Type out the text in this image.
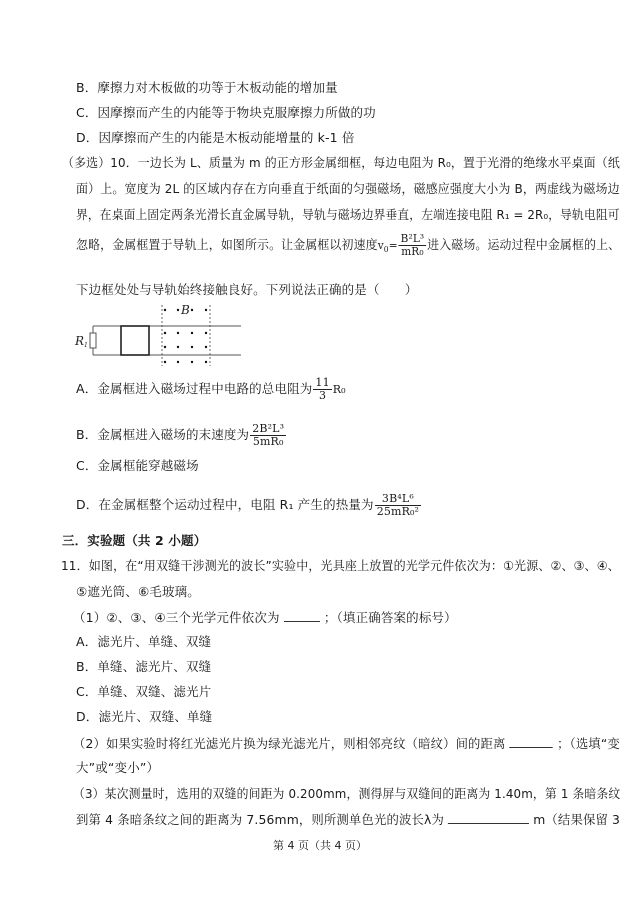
B．摩擦力对木板做的功等于木板动能的增加量
C．因摩擦而产生的内能等于物块克服摩擦力所做的功
D．因摩擦而产生的内能是木板动能增量的 k-1 倍
（多选）10．一边长为 L、质量为 m 的正方形金属细框，每边电阻为 R₀，置于光滑的绝缘水平桌面（纸
面）上。宽度为 2L 的区域内存在方向垂直于纸面的匀强磁场，磁感应强度大小为 B，两虚线为磁场边
界，在桌面上固定两条光滑长直金属导轨，导轨与磁场边界垂直，左端连接电阻 R₁ = 2R₀，导轨电阻可
忽略，金属框置于导轨上，如图所示。让金属框以初速度$v_0= \frac{\text{B²L³}}{\text{mR₀}}$ 进入磁场。运动过程中金属框的上、
下边框处处与导轨始终接触良好。下列说法正确的是（　　）
B
R 1
A．金属框进入磁场过程中电路的总电阻为 $\frac{11}{3} R_0$
B．金属框进入磁场的末速度为 $\frac{\text{2B²L³}}{\text{5mR₀}}$
C．金属框能穿越磁场
D．在金属框整个运动过程中，电阻 R₁ 产生的热量为 $\frac{\text{3B⁴L⁶}}{\text{25mR₀²}}$
三．实验题（共 2 小题）
11．如图，在“用双缝干涉测光的波长”实验中，光具座上放置的光学元件依次为：①光源、②、③、④、
⑤遮光筒、⑥毛玻璃。
（1）②、③、④三个光学元件依次为	；（填正确答案的标号）
A．滤光片、单缝、双缝
B．单缝、滤光片、双缝
C．单缝、双缝、滤光片
D．滤光片、双缝、单缝
（2）如果实验时将红光滤光片换为绿光滤光片，则相邻亮纹（暗纹）间的距离	；（选填“变
大”或“变小”）
（3）某次测量时，选用的双缝的间距为 0.200mm，测得屏与双缝间的距离为 1.40m，第 1 条暗条纹
到第 4 条暗条纹之间的距离为 7.56mm，则所测单色光的波长λ为	m（结果保留 3
第 4 页（共 4 页）
